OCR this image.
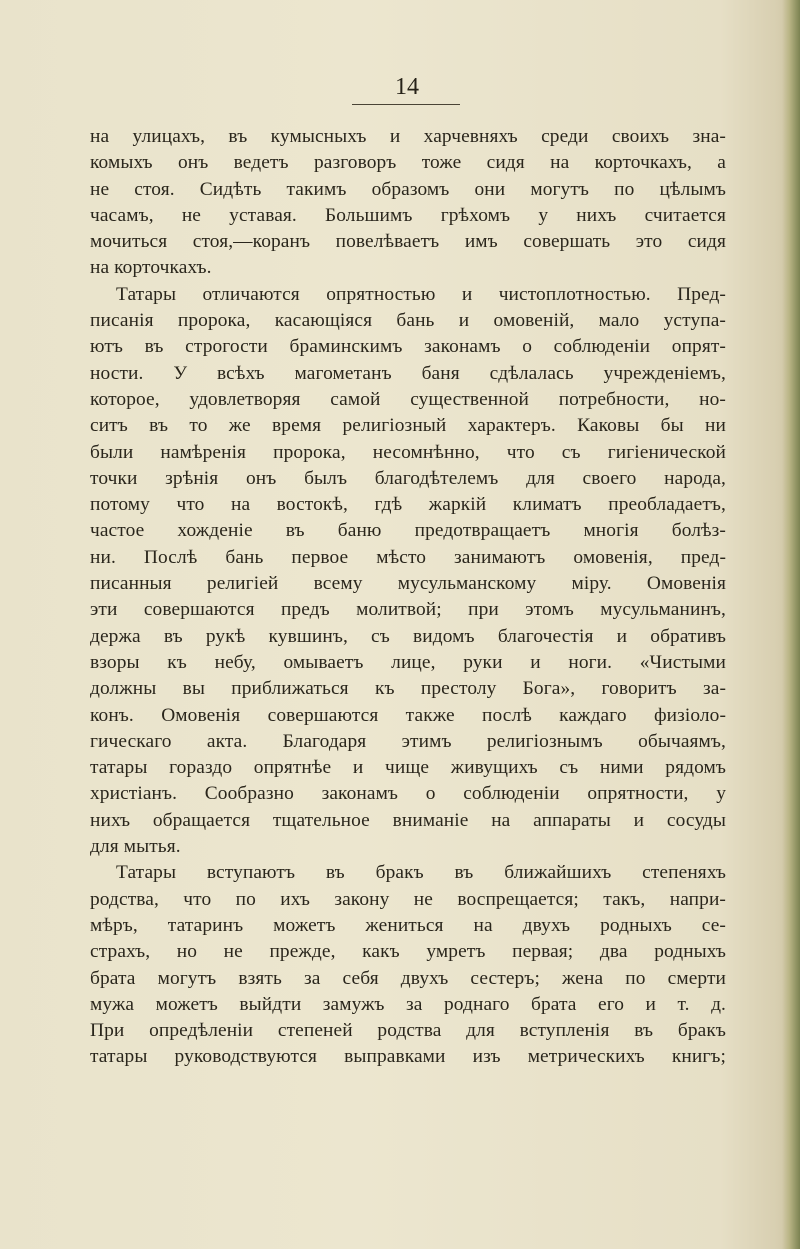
14
на улицахъ, въ кумысныхъ и харчевняхъ среди своихъ зна-
комыхъ онъ ведетъ разговоръ тоже сидя на корточкахъ, а
не стоя. Сидѣть такимъ образомъ они могутъ по цѣлымъ
часамъ, не уставая. Большимъ грѣхомъ у нихъ считается
мочиться стоя,—коранъ повелѣваетъ имъ совершать это сидя
на корточкахъ.
Татары отличаются опрятностью и чистоплотностью. Пред-
писанія пророка, касающіяся бань и омовеній, мало уступа-
ютъ въ строгости браминскимъ законамъ о соблюденіи опрят-
ности. У всѣхъ магометанъ баня сдѣлалась учрежденіемъ,
которое, удовлетворяя самой существенной потребности, но-
ситъ въ то же время религіозный характеръ. Каковы бы ни
были намѣренія пророка, несомнѣнно, что съ гигіенической
точки зрѣнія онъ былъ благодѣтелемъ для своего народа,
потому что на востокѣ, гдѣ жаркій климатъ преобладаетъ,
частое хожденіе въ баню предотвращаетъ многія болѣз-
ни. Послѣ бань первое мѣсто занимаютъ омовенія, пред-
писанныя религіей всему мусульманскому міру. Омовенія
эти совершаются предъ молитвой; при этомъ мусульманинъ,
держа въ рукѣ кувшинъ, съ видомъ благочестія и обративъ
взоры къ небу, омываетъ лице, руки и ноги. «Чистыми
должны вы приближаться къ престолу Бога», говоритъ за-
конъ. Омовенія совершаются также послѣ каждаго физіоло-
гическаго акта. Благодаря этимъ религіознымъ обычаямъ,
татары гораздо опрятнѣе и чище живущихъ съ ними рядомъ
христіанъ. Сообразно законамъ о соблюденіи опрятности, у
нихъ обращается тщательное вниманіе на аппараты и сосуды
для мытья.
Татары вступаютъ въ бракъ въ ближайшихъ степеняхъ
родства, что по ихъ закону не воспрещается; такъ, напри-
мѣръ, татаринъ можетъ жениться на двухъ родныхъ се-
страхъ, но не прежде, какъ умретъ первая; два родныхъ
брата могутъ взять за себя двухъ сестеръ; жена по смерти
мужа можетъ выйдти замужъ за роднаго брата его и т. д.
При опредѣленіи степеней родства для вступленія въ бракъ
татары руководствуются выправками изъ метрическихъ книгъ;
